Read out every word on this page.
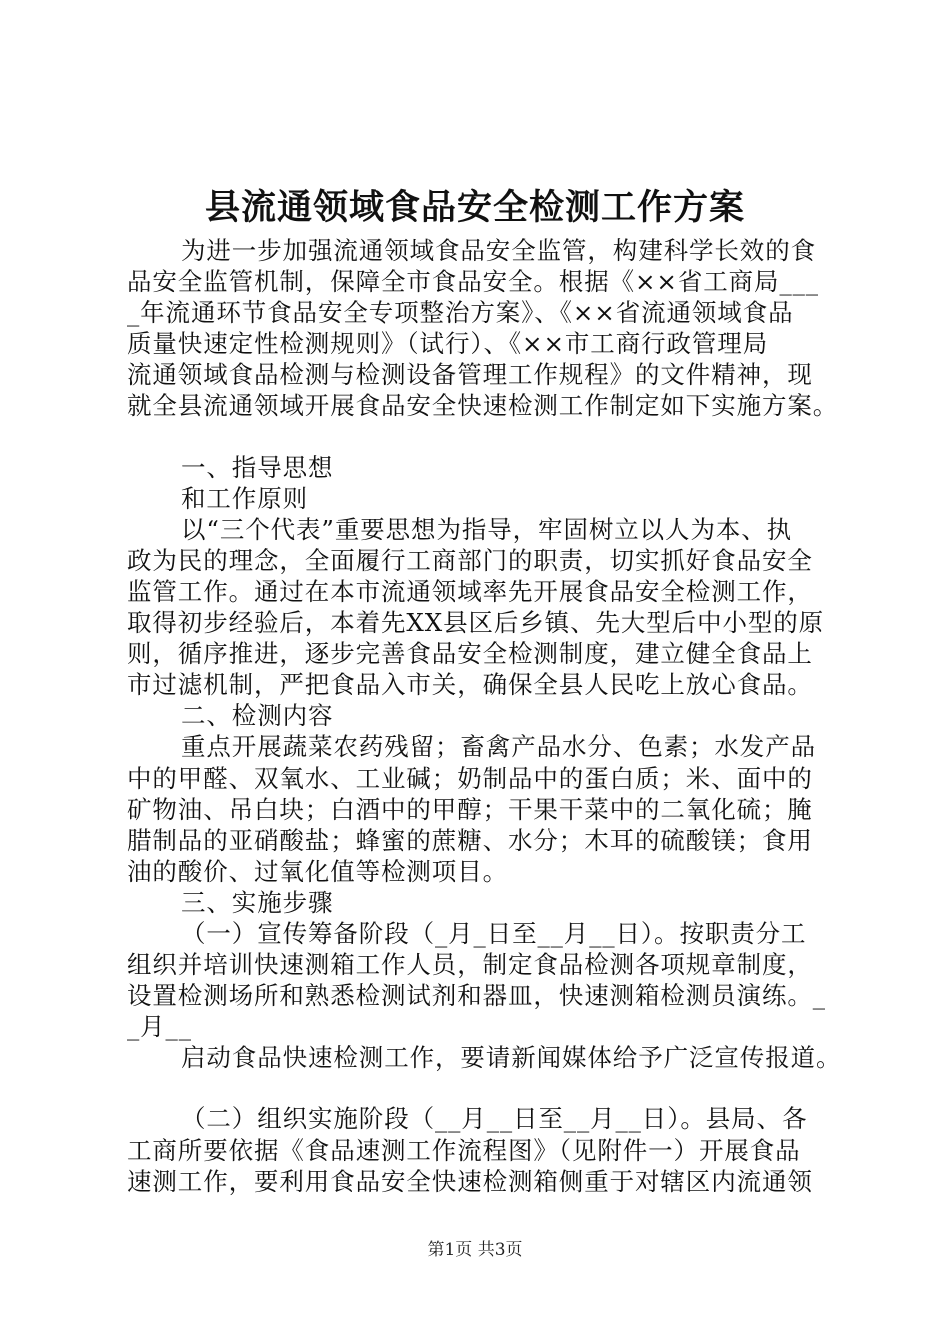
县流通领域食品安全检测工作方案
为进一步加强流通领域食品安全监管，构建科学长效的食
品安全监管机制，保障全市食品安全。根据《××省工商局___
_年流通环节食品安全专项整治方案》、《××省流通领域食品
质量快速定性检测规则》（试行）、《××市工商行政管理局
流通领域食品检测与检测设备管理工作规程》的文件精神，现
就全县流通领域开展食品安全快速检测工作制定如下实施方案。
一、指导思想
和工作原则
以“三个代表”重要思想为指导，牢固树立以人为本、执
政为民的理念，全面履行工商部门的职责，切实抓好食品安全
监管工作。通过在本市流通领域率先开展食品安全检测工作，
取得初步经验后，本着先XX县区后乡镇、先大型后中小型的原
则，循序推进，逐步完善食品安全检测制度，建立健全食品上
市过滤机制，严把食品入市关，确保全县人民吃上放心食品。
二、检测内容
重点开展蔬菜农药残留；畜禽产品水分、色素；水发产品
中的甲醛、双氧水、工业碱；奶制品中的蛋白质；米、面中的
矿物油、吊白块；白酒中的甲醇；干果干菜中的二氧化硫；腌
腊制品的亚硝酸盐；蜂蜜的蔗糖、水分；木耳的硫酸镁；食用
油的酸价、过氧化值等检测项目。
三、实施步骤
（一）宣传筹备阶段（_月_日至__月__日）。按职责分工
组织并培训快速测箱工作人员，制定食品检测各项规章制度，
设置检测场所和熟悉检测试剂和器皿，快速测箱检测员演练。_
_月__
启动食品快速检测工作，要请新闻媒体给予广泛宣传报道。
（二）组织实施阶段（__月__日至__月__日）。县局、各
工商所要依据《食品速测工作流程图》（见附件一）开展食品
速测工作，要利用食品安全快速检测箱侧重于对辖区内流通领
第1页 共3页
